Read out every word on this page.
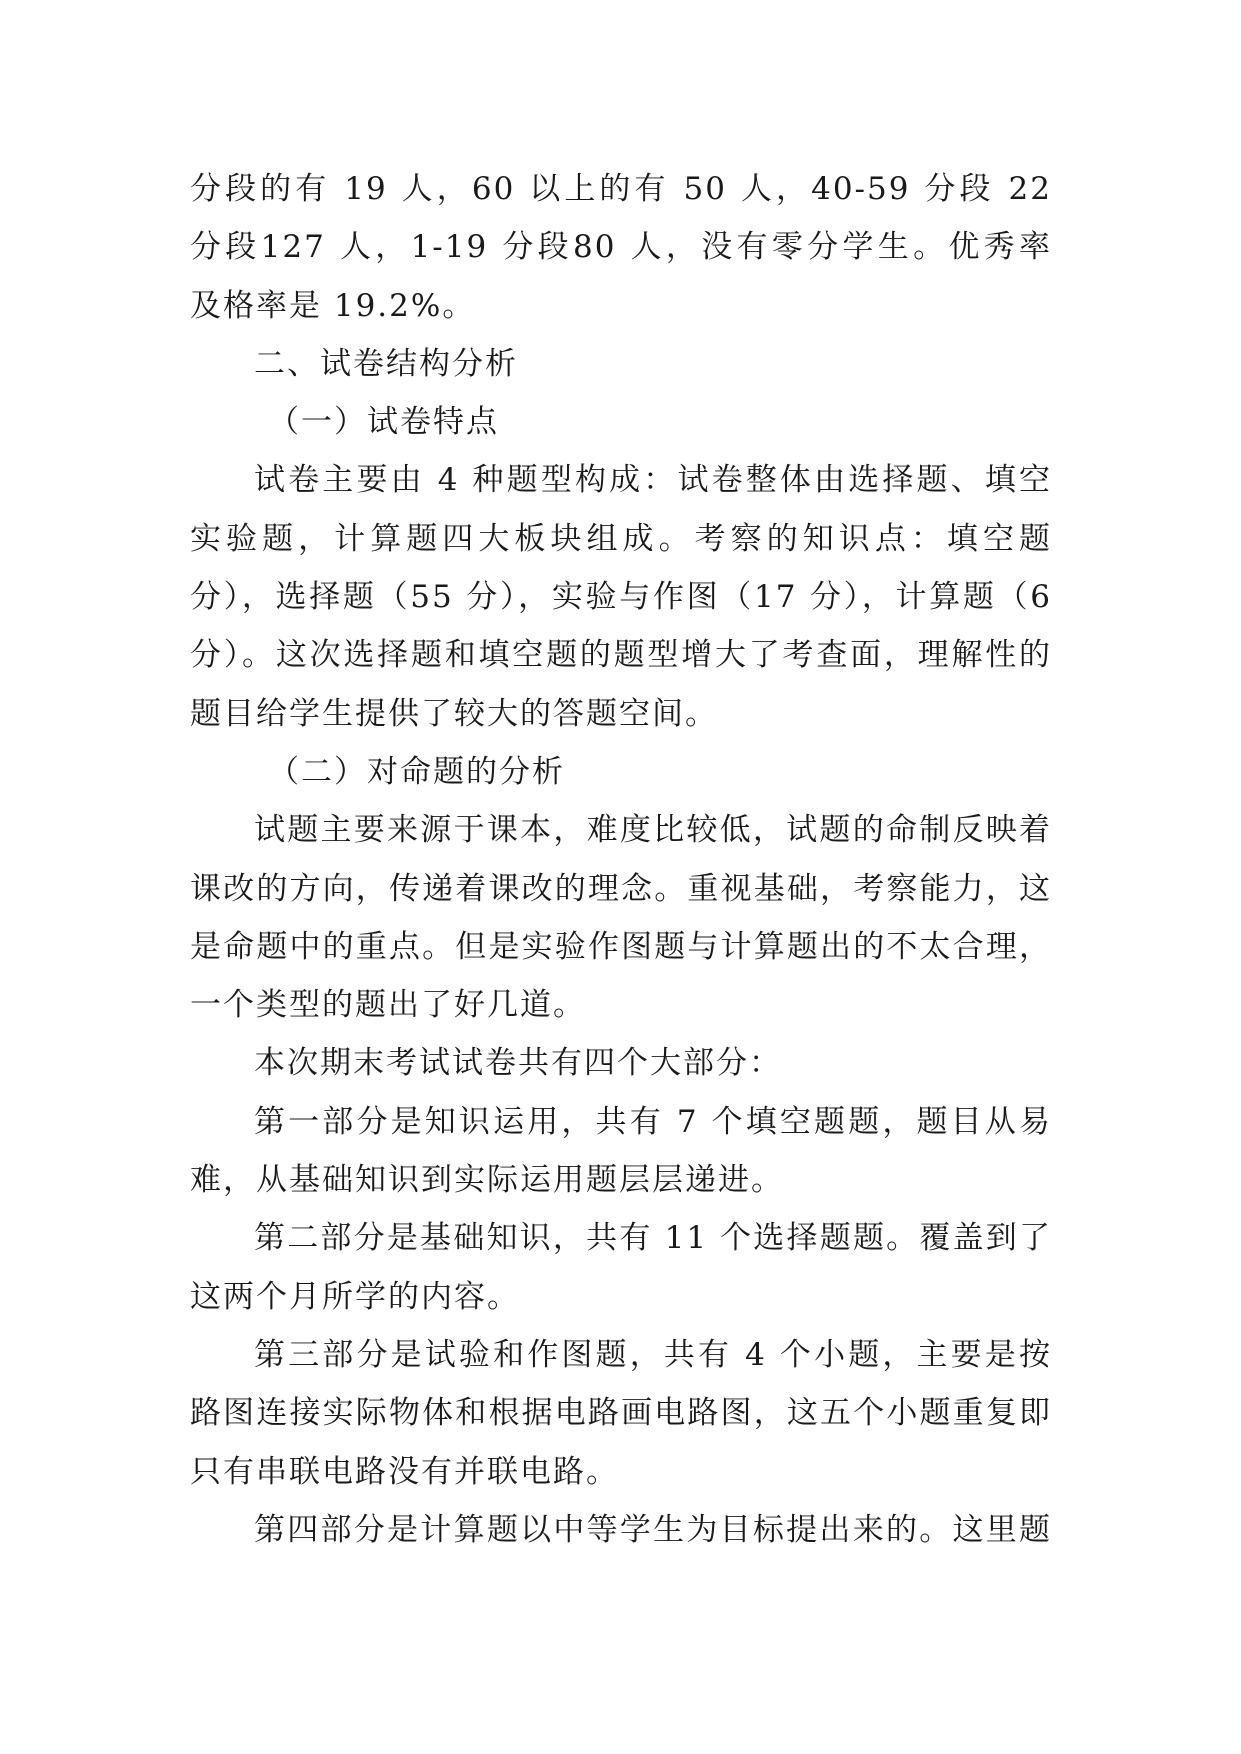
分段的有 19 人，60 以上的有 50 人，40-59 分段 22
分段127 人，1-19 分段80 人，没有零分学生。优秀率
及格率是 19.2%。
二、试卷结构分析
（一）试卷特点
试卷主要由 4 种题型构成：试卷整体由选择题、填空
实验题，计算题四大板块组成。考察的知识点：填空题
分），选择题（55 分），实验与作图（17 分），计算题（6
分）。这次选择题和填空题的题型增大了考查面，理解性的
题目给学生提供了较大的答题空间。
（二）对命题的分析
试题主要来源于课本，难度比较低，试题的命制反映着
课改的方向，传递着课改的理念。重视基础，考察能力，这
是命题中的重点。但是实验作图题与计算题出的不太合理，
一个类型的题出了好几道。
本次期末考试试卷共有四个大部分：
第一部分是知识运用，共有 7 个填空题题，题目从易
难，从基础知识到实际运用题层层递进。
第二部分是基础知识，共有 11 个选择题题。覆盖到了
这两个月所学的内容。
第三部分是试验和作图题，共有 4 个小题，主要是按
路图连接实际物体和根据电路画电路图，这五个小题重复即
只有串联电路没有并联电路。
第四部分是计算题以中等学生为目标提出来的。这里题
